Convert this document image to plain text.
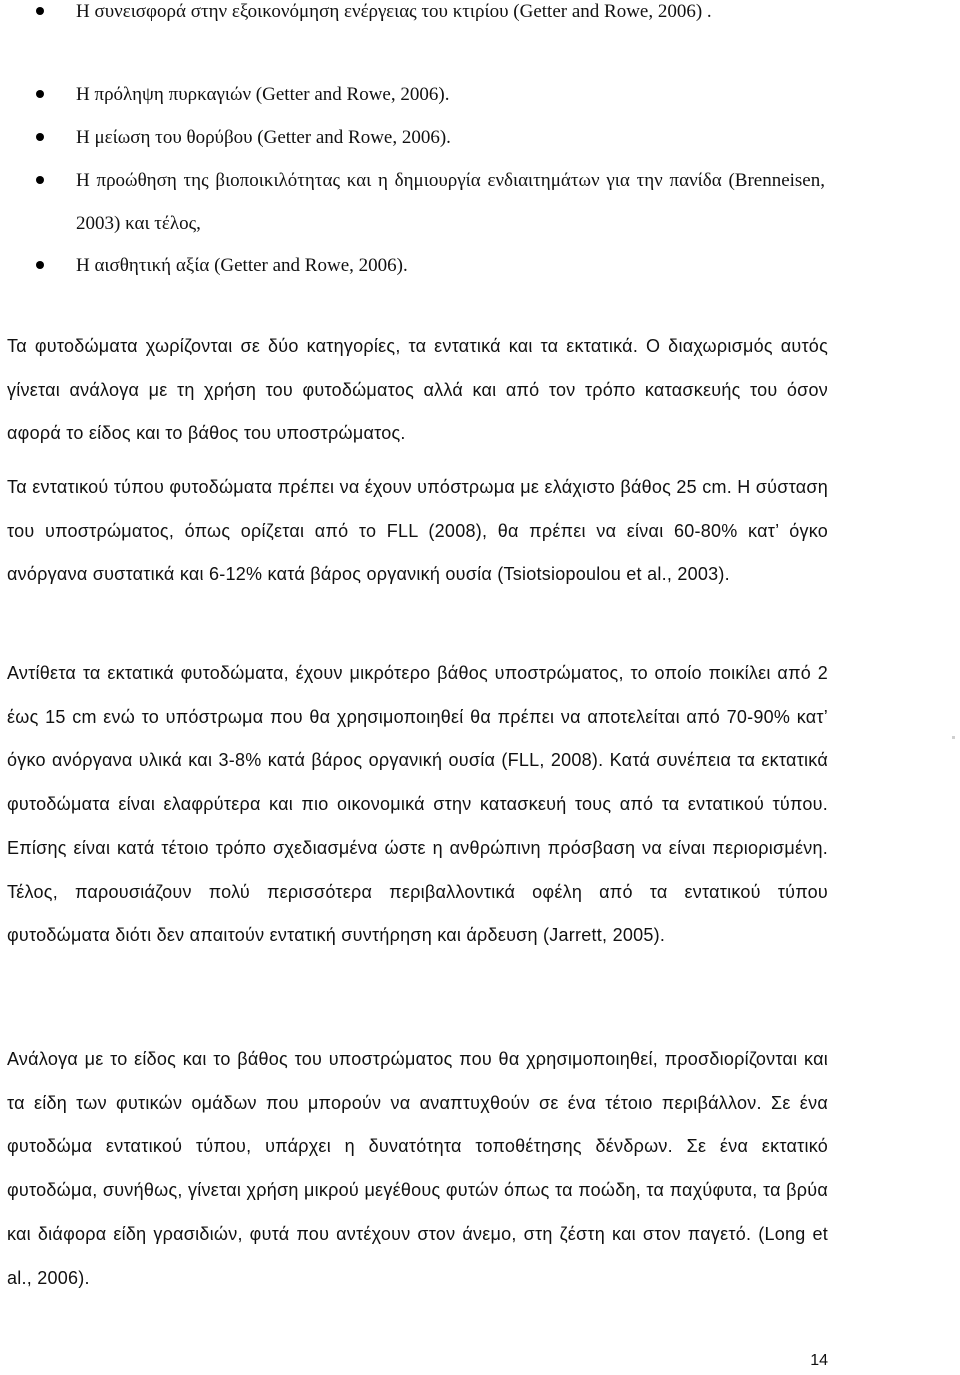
Η συνεισφορά στην εξοικονόμηση ενέργειας του κτιρίου (Getter and Rowe, 2006) .
Η πρόληψη πυρκαγιών (Getter and Rowe, 2006).
Η μείωση του θορύβου (Getter and Rowe, 2006).
Η προώθηση της βιοποικιλότητας και η δημιουργία ενδιαιτημάτων για την πανίδα (Brenneisen, 2003) και τέλος,
Η αισθητική αξία (Getter and Rowe, 2006).

Τα φυτοδώματα χωρίζονται σε δύο κατηγορίες, τα εντατικά και τα εκτατικά. Ο διαχωρισμός αυτός γίνεται ανάλογα με τη χρήση του φυτοδώματος αλλά και από τον τρόπο κατασκευής του όσον αφορά το είδος και το βάθος του υποστρώματος.

Τα εντατικού τύπου φυτοδώματα πρέπει να έχουν υπόστρωμα με ελάχιστο βάθος 25 cm. Η σύσταση του υποστρώματος, όπως ορίζεται από το FLL (2008), θα πρέπει να είναι 60-80% κατ’ όγκο ανόργανα συστατικά και 6-12% κατά βάρος οργανική ουσία (Tsiotsiopoulou et al., 2003).

Αντίθετα τα εκτατικά φυτοδώματα, έχουν μικρότερο βάθος υποστρώματος, το οποίο ποικίλει από 2 έως 15 cm ενώ το υπόστρωμα που θα χρησιμοποιηθεί θα πρέπει να αποτελείται από 70-90% κατ’ όγκο ανόργανα υλικά και 3-8% κατά βάρος οργανική ουσία (FLL, 2008). Κατά συνέπεια τα εκτατικά φυτοδώματα είναι ελαφρύτερα και πιο οικονομικά στην κατασκευή τους από τα εντατικού τύπου. Επίσης είναι κατά τέτοιο τρόπο σχεδιασμένα ώστε η ανθρώπινη πρόσβαση να είναι περιορισμένη. Τέλος, παρουσιάζουν πολύ περισσότερα περιβαλλοντικά οφέλη από τα εντατικού τύπου φυτοδώματα διότι δεν απαιτούν εντατική συντήρηση και άρδευση (Jarrett, 2005).

Ανάλογα με το είδος και το βάθος του υποστρώματος που θα χρησιμοποιηθεί, προσδιορίζονται και τα είδη των φυτικών ομάδων που μπορούν να αναπτυχθούν σε ένα τέτοιο περιβάλλον. Σε ένα φυτοδώμα εντατικού τύπου, υπάρχει η δυνατότητα τοποθέτησης δένδρων. Σε ένα εκτατικό φυτοδώμα, συνήθως, γίνεται χρήση μικρού μεγέθους φυτών όπως τα ποώδη, τα παχύφυτα, τα βρύα και διάφορα είδη γρασιδιών, φυτά που αντέχουν στον άνεμο, στη ζέστη και στον παγετό. (Long et al., 2006).

14
